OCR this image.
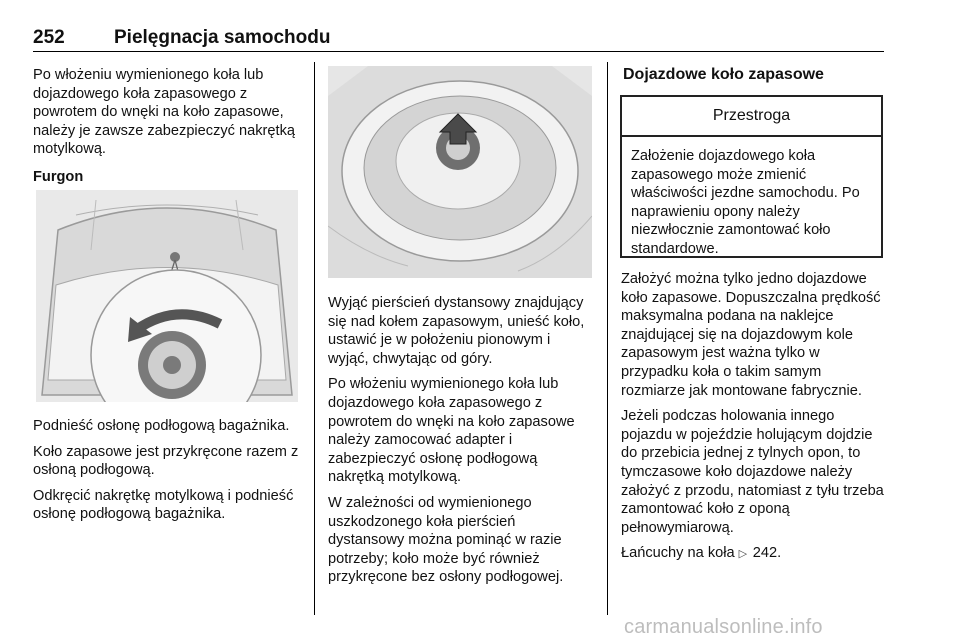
252	Pielęgnacja samochodu

Po włożeniu wymienionego koła lub dojazdowego koła zapasowego z powrotem do wnęki na koło zapasowe, należy je zawsze zabezpieczyć nakrętką motylkową.

Furgon

Podnieść osłonę podłogową bagażnika.

Koło zapasowe jest przykręcone razem z osłoną podłogową.

Odkręcić nakrętkę motylkową i podnieść osłonę podłogową bagażnika.

Wyjąć pierścień dystansowy znajdujący się nad kołem zapasowym, unieść koło, ustawić je w położeniu pionowym i wyjąć, chwytając od góry.

Po włożeniu wymienionego koła lub dojazdowego koła zapasowego z powrotem do wnęki na koło zapasowe należy zamocować adapter i zabezpieczyć osłonę podłogową nakrętką motylkową.

W zależności od wymienionego uszkodzonego koła pierścień dystansowy można pominąć w razie potrzeby; koło może być również przykręcone bez osłony podłogowej.

Dojazdowe koło zapasowe
Przestroga
Założenie dojazdowego koła zapasowego może zmienić właściwości jezdne samochodu. Po naprawieniu opony należy niezwłocznie zamontować koło standardowe.

Założyć można tylko jedno dojazdowe koło zapasowe. Dopuszczalna prędkość maksymalna podana na naklejce znajdującej się na dojazdowym kole zapasowym jest ważna tylko w przypadku koła o takim samym rozmiarze jak montowane fabrycznie.

Jeżeli podczas holowania innego pojazdu w pojeździe holującym dojdzie do przebicia jednej z tylnych opon, to tymczasowe koło dojazdowe należy założyć z przodu, natomiast z tyłu trzeba zamontować koło z oponą pełnowymiarową.

Łańcuchy na koła ▷ 242.

carmanualsonline.info
